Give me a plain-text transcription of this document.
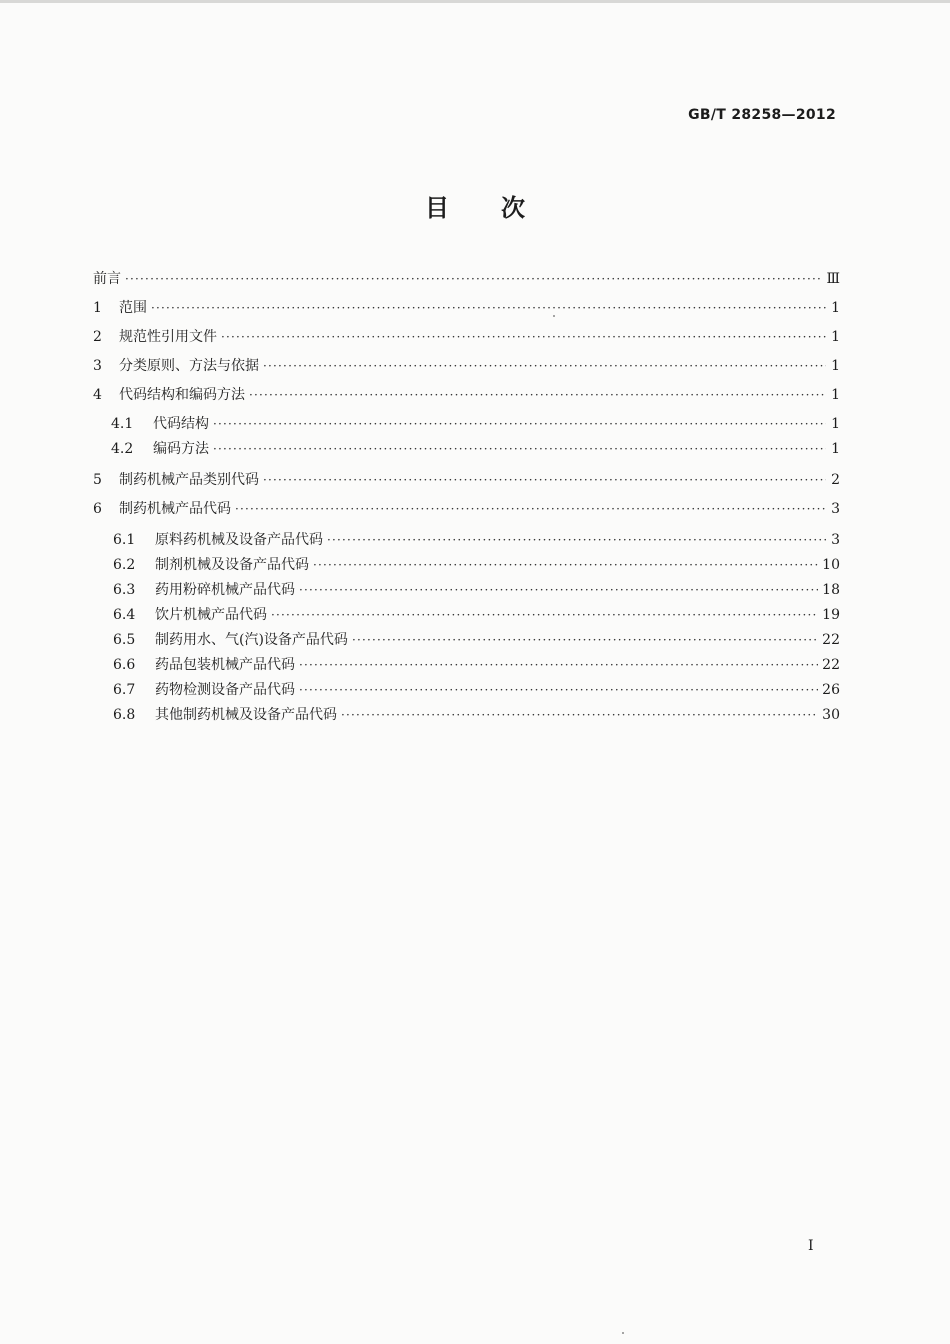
GB/T 28258—2012
目次
前言 ·····	Ⅲ
1	范围 ·····	1
2	规范性引用文件 ·····	1
3	分类原则、方法与依据 ·····	1
4	代码结构和编码方法 ·····	1
4.1	代码结构 ·····	1
4.2	编码方法 ·····	1
5	制药机械产品类别代码 ·····	2
6	制药机械产品代码 ·····	3
6.1	原料药机械及设备产品代码 ·····	3
6.2	制剂机械及设备产品代码 ·····	10
6.3	药用粉碎机械产品代码 ·····	18
6.4	饮片机械产品代码 ·····	19
6.5	制药用水、气(汽)设备产品代码 ·····	22
6.6	药品包装机械产品代码 ·····	22
6.7	药物检测设备产品代码 ·····	26
6.8	其他制药机械及设备产品代码 ·····	30
I
